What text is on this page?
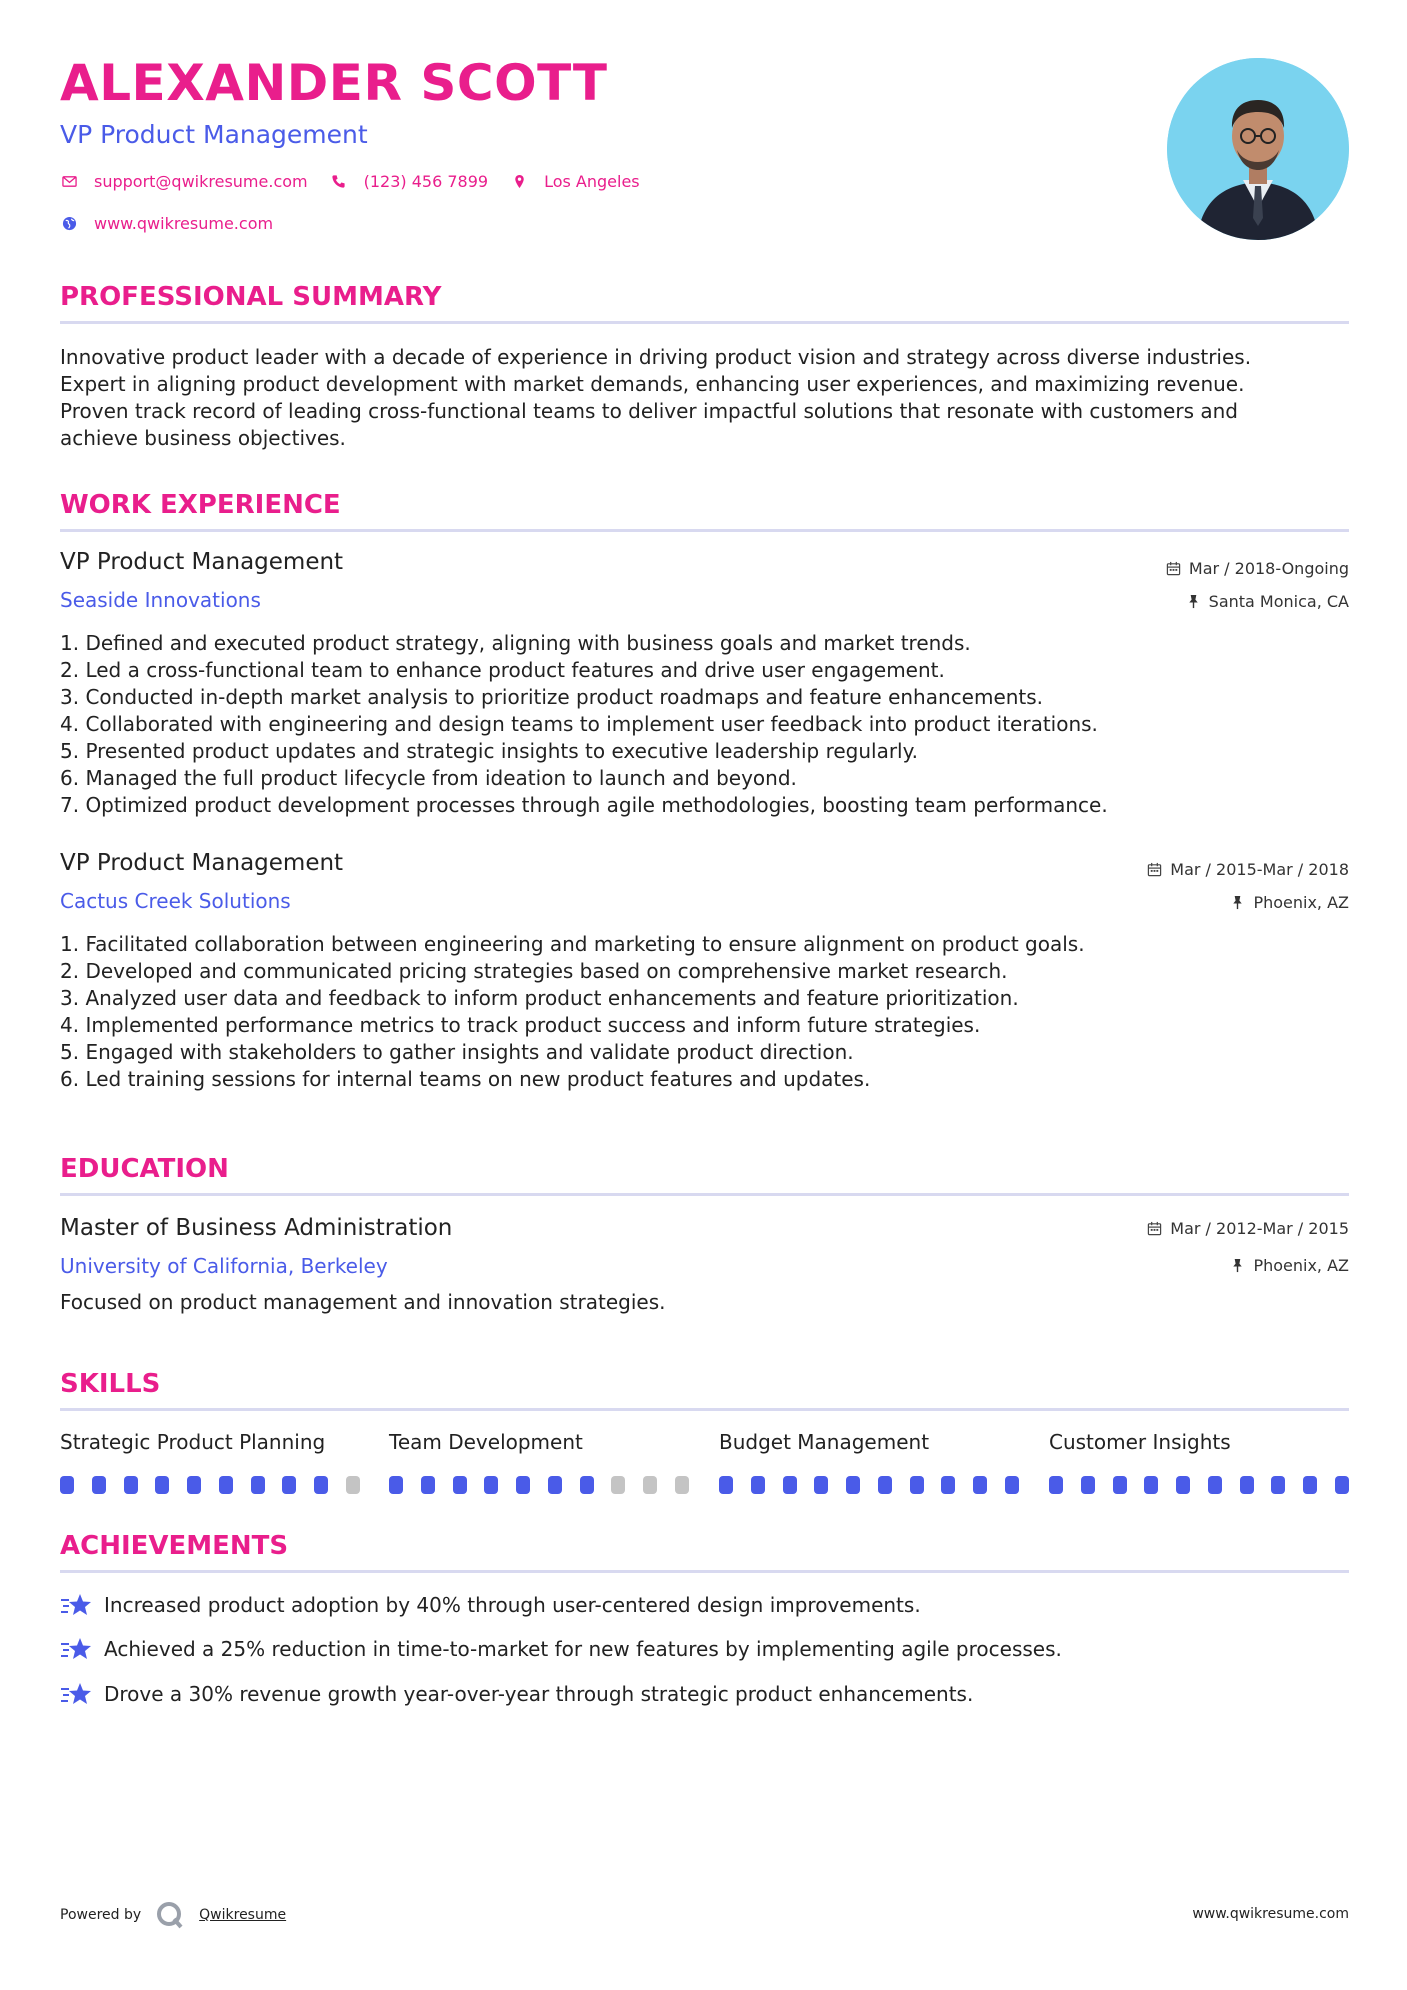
ALEXANDER SCOTT
VP Product Management
support@qwikresume.com	(123) 456 7899	Los Angeles
www.qwikresume.com
PROFESSIONAL SUMMARY
Innovative product leader with a decade of experience in driving product vision and strategy across diverse industries.
Expert in aligning product development with market demands, enhancing user experiences, and maximizing revenue.
Proven track record of leading cross-functional teams to deliver impactful solutions that resonate with customers and
achieve business objectives.
WORK EXPERIENCE
VP Product Management
Seaside Innovations
Mar / 2018-Ongoing
Santa Monica, CA
1. Defined and executed product strategy, aligning with business goals and market trends.
2. Led a cross-functional team to enhance product features and drive user engagement.
3. Conducted in-depth market analysis to prioritize product roadmaps and feature enhancements.
4. Collaborated with engineering and design teams to implement user feedback into product iterations.
5. Presented product updates and strategic insights to executive leadership regularly.
6. Managed the full product lifecycle from ideation to launch and beyond.
7. Optimized product development processes through agile methodologies, boosting team performance.
VP Product Management
Cactus Creek Solutions
Mar / 2015-Mar / 2018
Phoenix, AZ
1. Facilitated collaboration between engineering and marketing to ensure alignment on product goals.
2. Developed and communicated pricing strategies based on comprehensive market research.
3. Analyzed user data and feedback to inform product enhancements and feature prioritization.
4. Implemented performance metrics to track product success and inform future strategies.
5. Engaged with stakeholders to gather insights and validate product direction.
6. Led training sessions for internal teams on new product features and updates.
EDUCATION
Master of Business Administration
University of California, Berkeley
Mar / 2012-Mar / 2015
Phoenix, AZ
Focused on product management and innovation strategies.
SKILLS
Strategic Product Planning	Team Development	Budget Management	Customer Insights
ACHIEVEMENTS
Increased product adoption by 40% through user-centered design improvements.
Achieved a 25% reduction in time-to-market for new features by implementing agile processes.
Drove a 30% revenue growth year-over-year through strategic product enhancements.
Powered by	Qwikresume	www.qwikresume.com
